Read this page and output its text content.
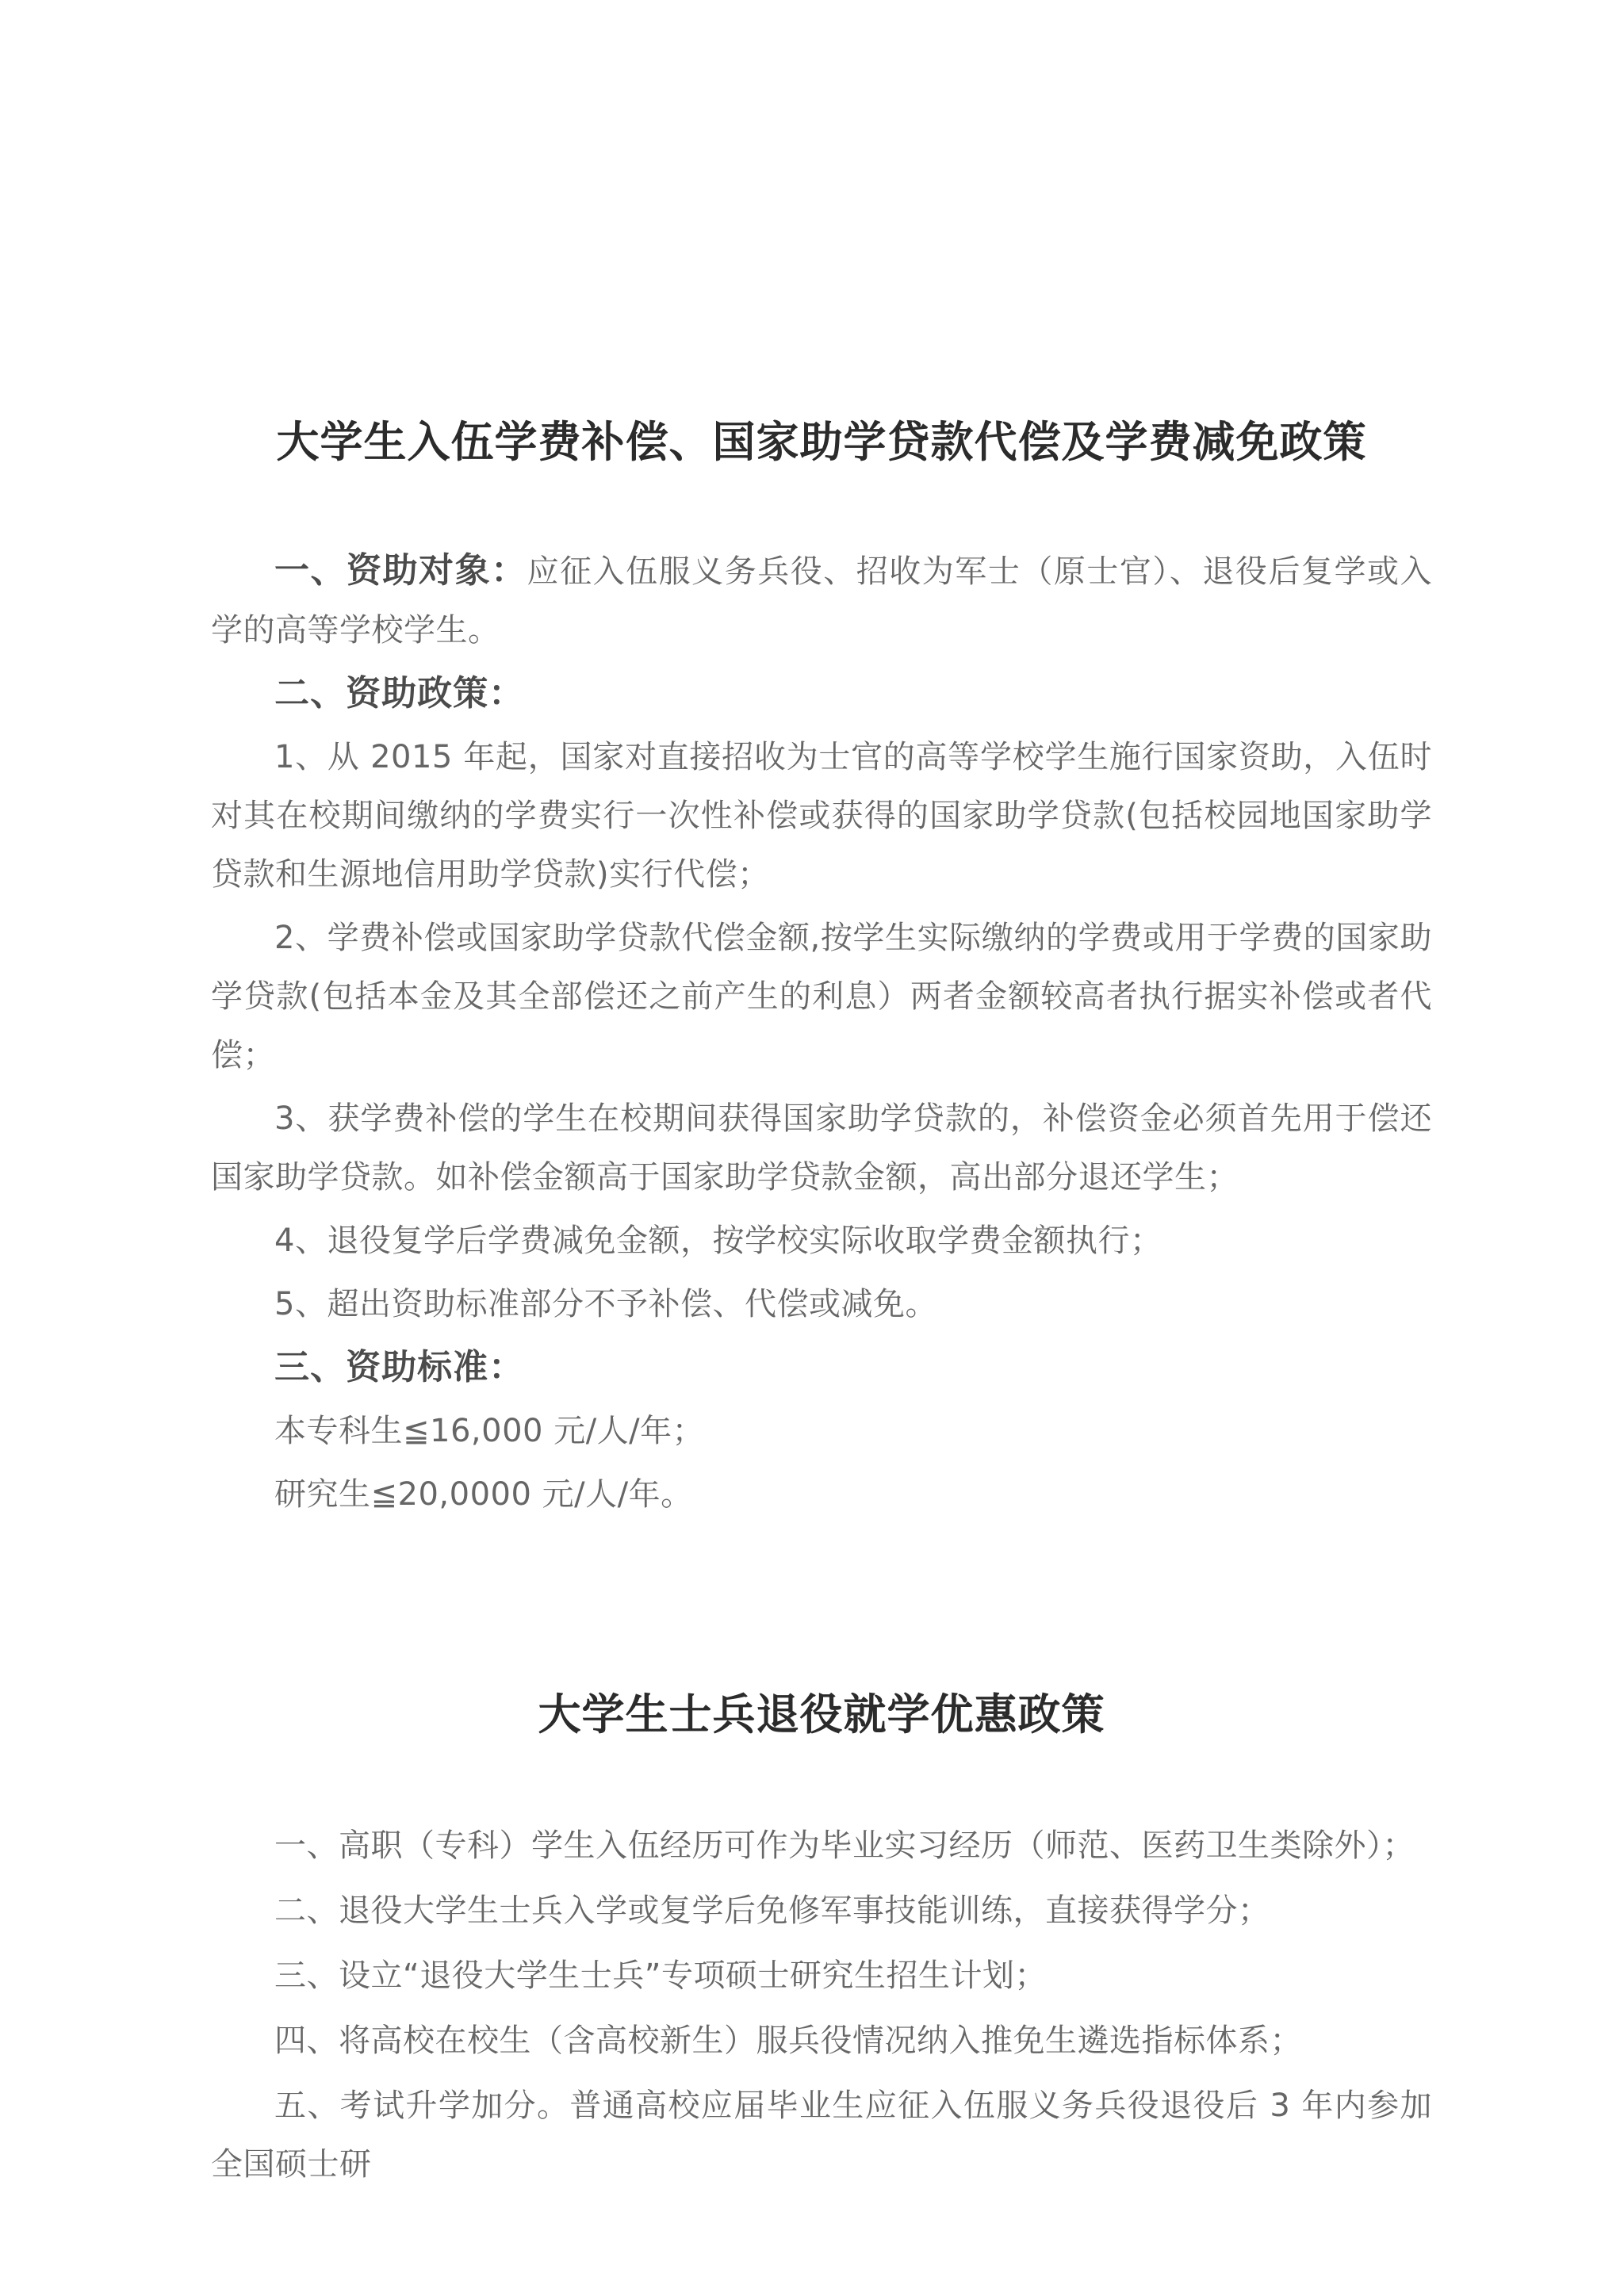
大学生入伍学费补偿、国家助学贷款代偿及学费减免政策

一、资助对象：应征入伍服义务兵役、招收为军士（原士官）、退役后复学或入学的高等学校学生。

二、资助政策：

1、从 2015 年起，国家对直接招收为士官的高等学校学生施行国家资助，入伍时对其在校期间缴纳的学费实行一次性补偿或获得的国家助学贷款(包括校园地国家助学贷款和生源地信用助学贷款)实行代偿；

2、学费补偿或国家助学贷款代偿金额,按学生实际缴纳的学费或用于学费的国家助学贷款(包括本金及其全部偿还之前产生的利息）两者金额较高者执行据实补偿或者代偿；

3、获学费补偿的学生在校期间获得国家助学贷款的，补偿资金必须首先用于偿还国家助学贷款。如补偿金额高于国家助学贷款金额，高出部分退还学生；

4、退役复学后学费减免金额，按学校实际收取学费金额执行；

5、超出资助标准部分不予补偿、代偿或减免。

三、资助标准：

本专科生≦16,000 元/人/年；

研究生≦20,0000 元/人/年。

大学生士兵退役就学优惠政策

一、高职（专科）学生入伍经历可作为毕业实习经历（师范、医药卫生类除外）；

二、退役大学生士兵入学或复学后免修军事技能训练，直接获得学分；

三、设立“退役大学生士兵”专项硕士研究生招生计划；

四、将高校在校生（含高校新生）服兵役情况纳入推免生遴选指标体系；

五、考试升学加分。普通高校应届毕业生应征入伍服义务兵役退役后 3 年内参加全国硕士研
